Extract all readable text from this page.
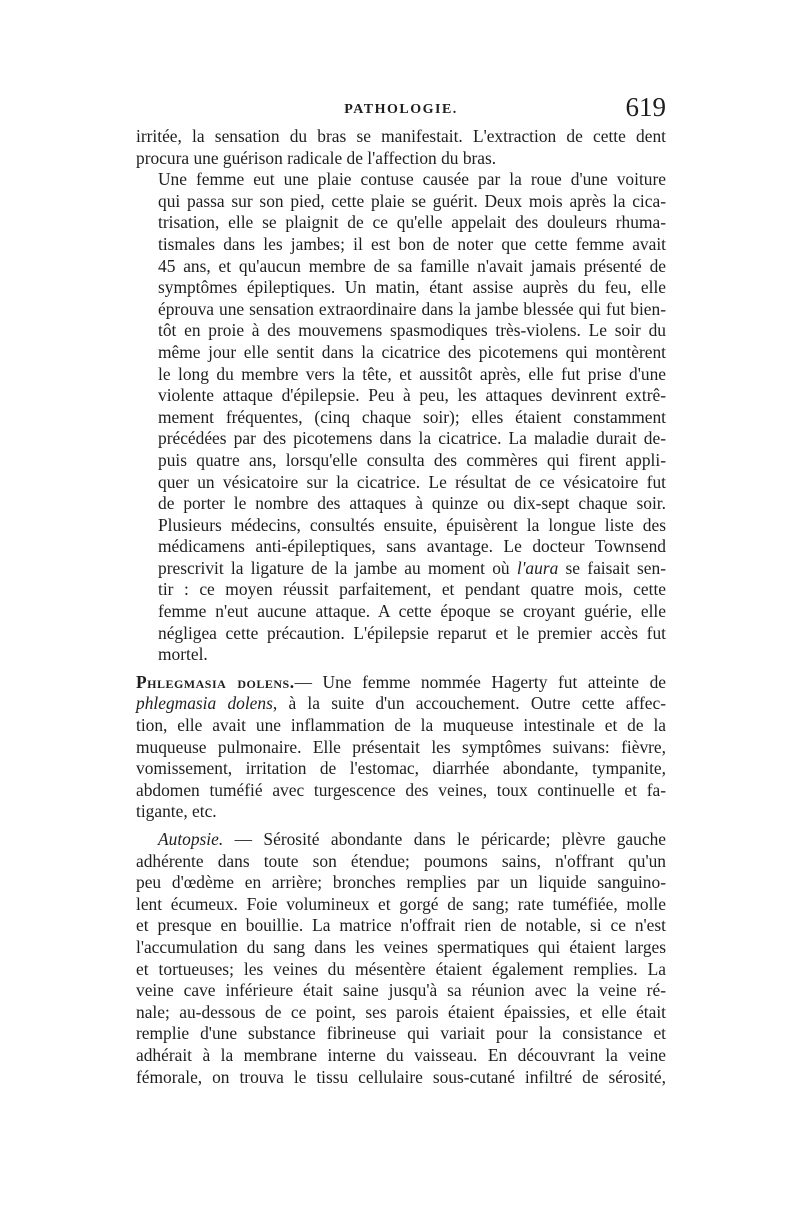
PATHOLOGIE.	619

irritée, la sensation du bras se manifestait. L'extraction de cette dent
procura une guérison radicale de l'affection du bras.

Une femme eut une plaie contuse causée par la roue d'une voiture
qui passa sur son pied, cette plaie se guérit. Deux mois après la cica-
trisation, elle se plaignit de ce qu'elle appelait des douleurs rhuma-
tismales dans les jambes; il est bon de noter que cette femme avait
45 ans, et qu'aucun membre de sa famille n'avait jamais présenté de
symptômes épileptiques. Un matin, étant assise auprès du feu, elle
éprouva une sensation extraordinaire dans la jambe blessée qui fut bien-
tôt en proie à des mouvemens spasmodiques très-violens. Le soir du
même jour elle sentit dans la cicatrice des picotemens qui montèrent
le long du membre vers la tête, et aussitôt après, elle fut prise d'une
violente attaque d'épilepsie. Peu à peu, les attaques devinrent extrê-
mement fréquentes, (cinq chaque soir); elles étaient constamment
précédées par des picotemens dans la cicatrice. La maladie durait de-
puis quatre ans, lorsqu'elle consulta des commères qui firent appli-
quer un vésicatoire sur la cicatrice. Le résultat de ce vésicatoire fut
de porter le nombre des attaques à quinze ou dix-sept chaque soir.
Plusieurs médecins, consultés ensuite, épuisèrent la longue liste des
médicamens anti-épileptiques, sans avantage. Le docteur Townsend
prescrivit la ligature de la jambe au moment où l'aura se faisait sen-
tir : ce moyen réussit parfaitement, et pendant quatre mois, cette
femme n'eut aucune attaque. A cette époque se croyant guérie, elle
négligea cette précaution. L'épilepsie reparut et le premier accès fut
mortel.

Phlegmasia dolens.— Une femme nommée Hagerty fut atteinte de
phlegmasia dolens, à la suite d'un accouchement. Outre cette affec-
tion, elle avait une inflammation de la muqueuse intestinale et de la
muqueuse pulmonaire. Elle présentait les symptômes suivans: fièvre,
vomissement, irritation de l'estomac, diarrhée abondante, tympanite,
abdomen tuméfié avec turgescence des veines, toux continuelle et fa-
tigante, etc.

Autopsie. — Sérosité abondante dans le péricarde; plèvre gauche
adhérente dans toute son étendue; poumons sains, n'offrant qu'un
peu d'œdème en arrière; bronches remplies par un liquide sanguino-
lent écumeux. Foie volumineux et gorgé de sang; rate tuméfiée, molle
et presque en bouillie. La matrice n'offrait rien de notable, si ce n'est
l'accumulation du sang dans les veines spermatiques qui étaient larges
et tortueuses; les veines du mésentère étaient également remplies. La
veine cave inférieure était saine jusqu'à sa réunion avec la veine ré-
nale; au-dessous de ce point, ses parois étaient épaissies, et elle était
remplie d'une substance fibrineuse qui variait pour la consistance et
adhérait à la membrane interne du vaisseau. En découvrant la veine
fémorale, on trouva le tissu cellulaire sous-cutané infiltré de sérosité,
